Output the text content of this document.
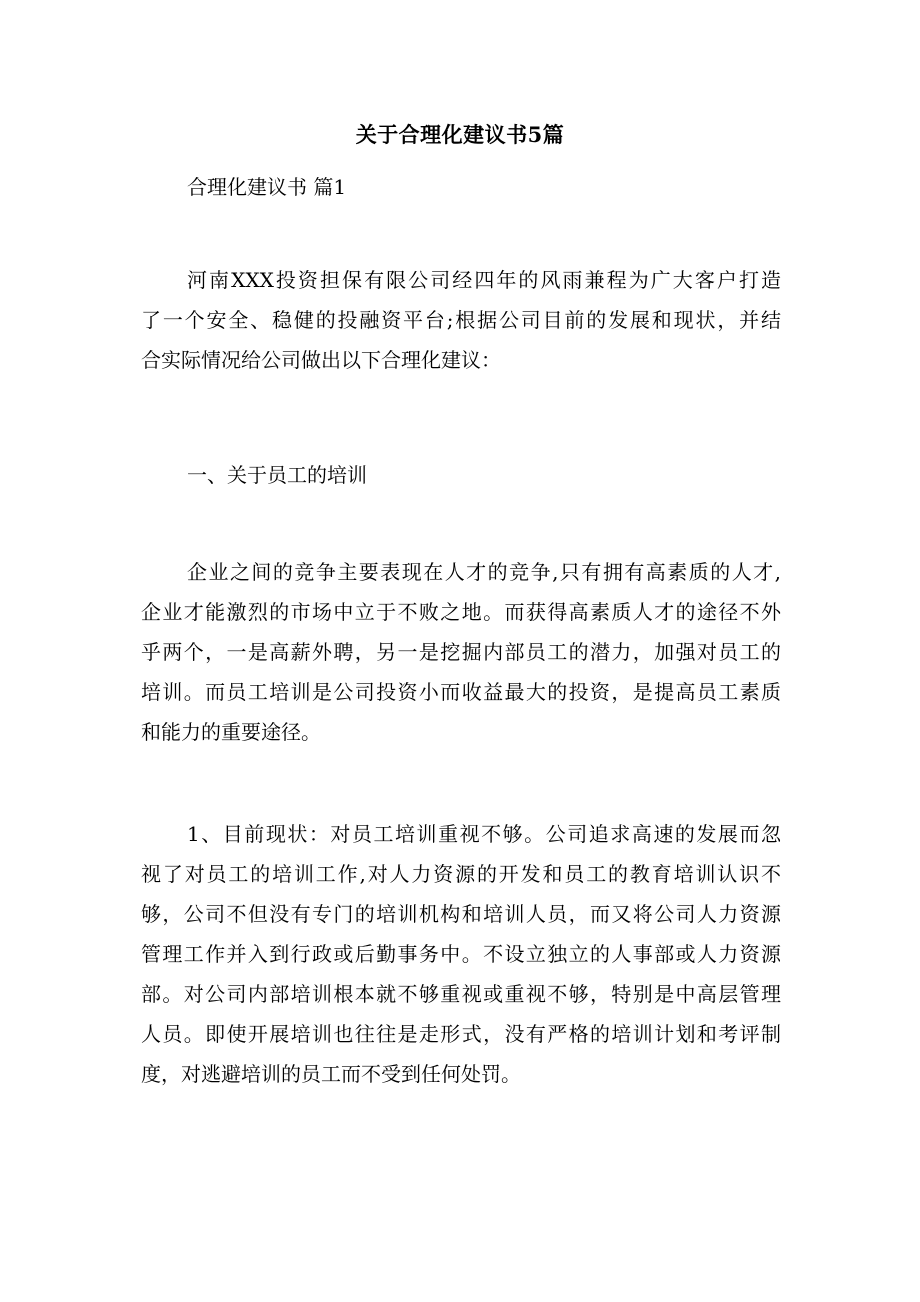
关于合理化建议书5篇
合理化建议书 篇1
河南XXX投资担保有限公司经四年的风雨兼程为广大客户打造
了一个安全、稳健的投融资平台;根据公司目前的发展和现状，并结
合实际情况给公司做出以下合理化建议：
一、关于员工的培训
企业之间的竞争主要表现在人才的竞争,只有拥有高素质的人才,
企业才能激烈的市场中立于不败之地。而获得高素质人才的途径不外
乎两个，一是高薪外聘，另一是挖掘内部员工的潜力，加强对员工的
培训。而员工培训是公司投资小而收益最大的投资，是提高员工素质
和能力的重要途径。
1、目前现状：对员工培训重视不够。公司追求高速的发展而忽
视了对员工的培训工作,对人力资源的开发和员工的教育培训认识不
够，公司不但没有专门的培训机构和培训人员，而又将公司人力资源
管理工作并入到行政或后勤事务中。不设立独立的人事部或人力资源
部。对公司内部培训根本就不够重视或重视不够，特别是中高层管理
人员。即使开展培训也往往是走形式，没有严格的培训计划和考评制
度，对逃避培训的员工而不受到任何处罚。
